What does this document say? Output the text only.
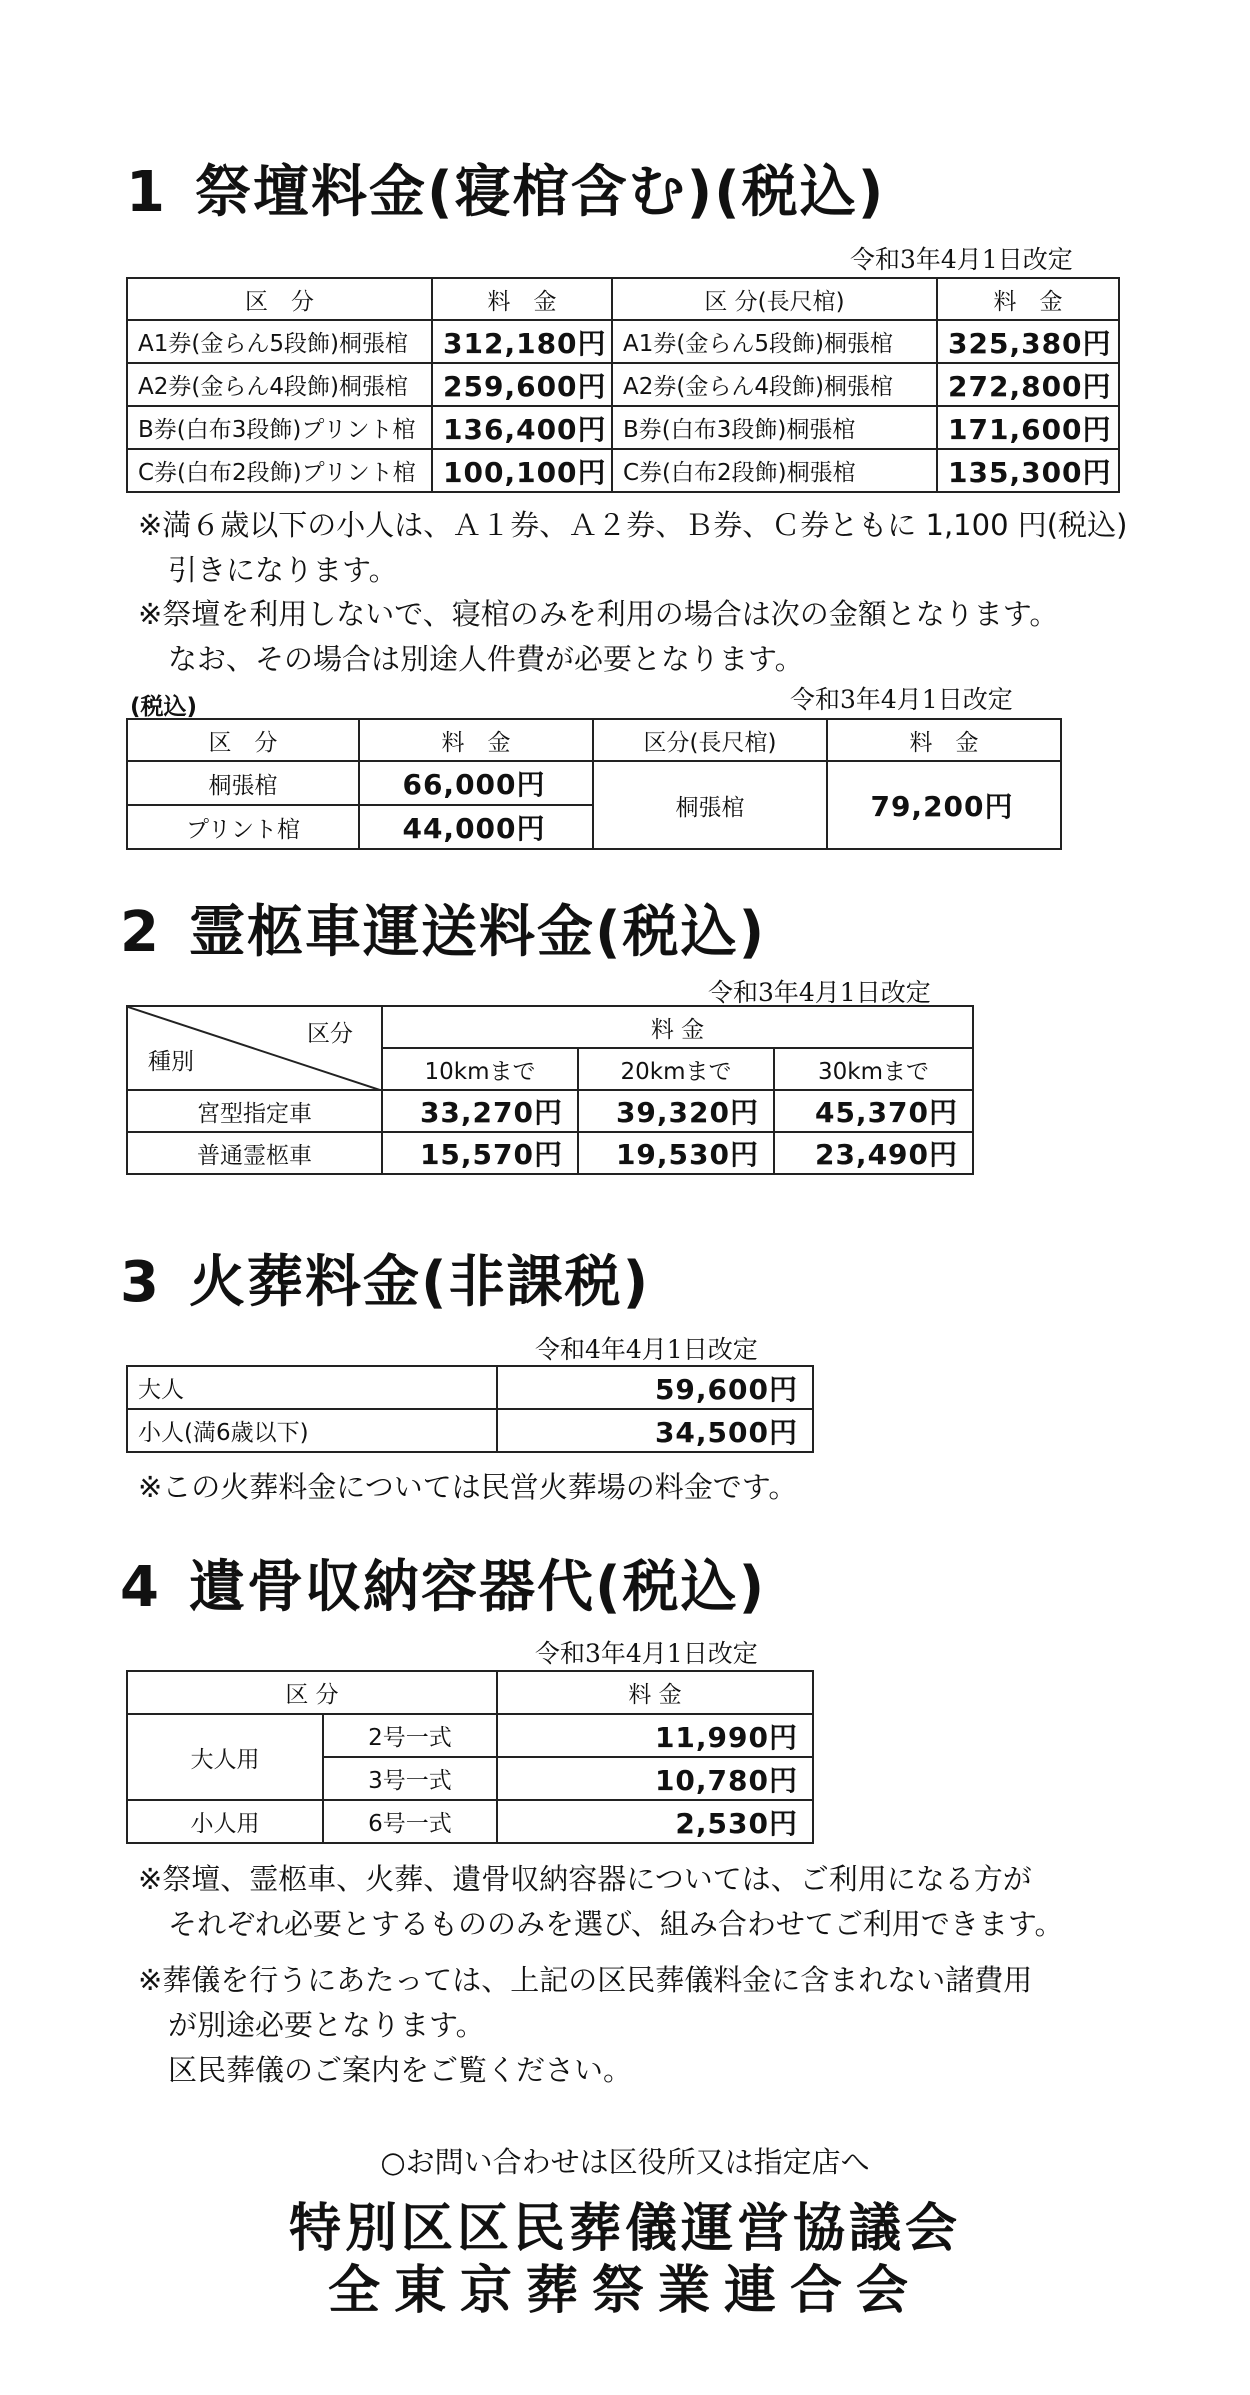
1 祭壇料金(寝棺含む)(税込)
令和3年4月1日改定
区　分	料　金	区 分(長尺棺)	料　金
A1券(金らん5段飾)桐張棺	312,180円	A1券(金らん5段飾)桐張棺	325,380円
A2券(金らん4段飾)桐張棺	259,600円	A2券(金らん4段飾)桐張棺	272,800円
B券(白布3段飾)プリント棺	136,400円	B券(白布3段飾)桐張棺	171,600円
C券(白布2段飾)プリント棺	100,100円	C券(白布2段飾)桐張棺	135,300円
※満６歳以下の小人は、Ａ１券、Ａ２券、Ｂ券、Ｃ券ともに 1,100 円(税込)
引きになります。
※祭壇を利用しないで、寝棺のみを利用の場合は次の金額となります。
なお、その場合は別途人件費が必要となります。
(税込)	令和3年4月1日改定
区　分	料　金	区分(長尺棺)	料　金
桐張棺	66,000円	桐張棺	79,200円
プリント棺	44,000円		
2 霊柩車運送料金(税込)
令和3年4月1日改定
区分
種別	料 金		
	10kmまで	20kmまで	30kmまで
宮型指定車	33,270円	39,320円	45,370円
普通霊柩車	15,570円	19,530円	23,490円
3 火葬料金(非課税)
令和4年4月1日改定
大人	59,600円
小人(満6歳以下)	34,500円
※この火葬料金については民営火葬場の料金です。
4 遺骨収納容器代(税込)
令和3年4月1日改定
区 分		料 金
大人用	2号一式	11,990円
	3号一式	10,780円
小人用	6号一式	2,530円
※祭壇、霊柩車、火葬、遺骨収納容器については、ご利用になる方が
それぞれ必要とするもののみを選び、組み合わせてご利用できます。
※葬儀を行うにあたっては、上記の区民葬儀料金に含まれない諸費用
が別途必要となります。
区民葬儀のご案内をご覧ください。
○お問い合わせは区役所又は指定店へ
特別区区民葬儀運営協議会
全東京葬祭業連合会
